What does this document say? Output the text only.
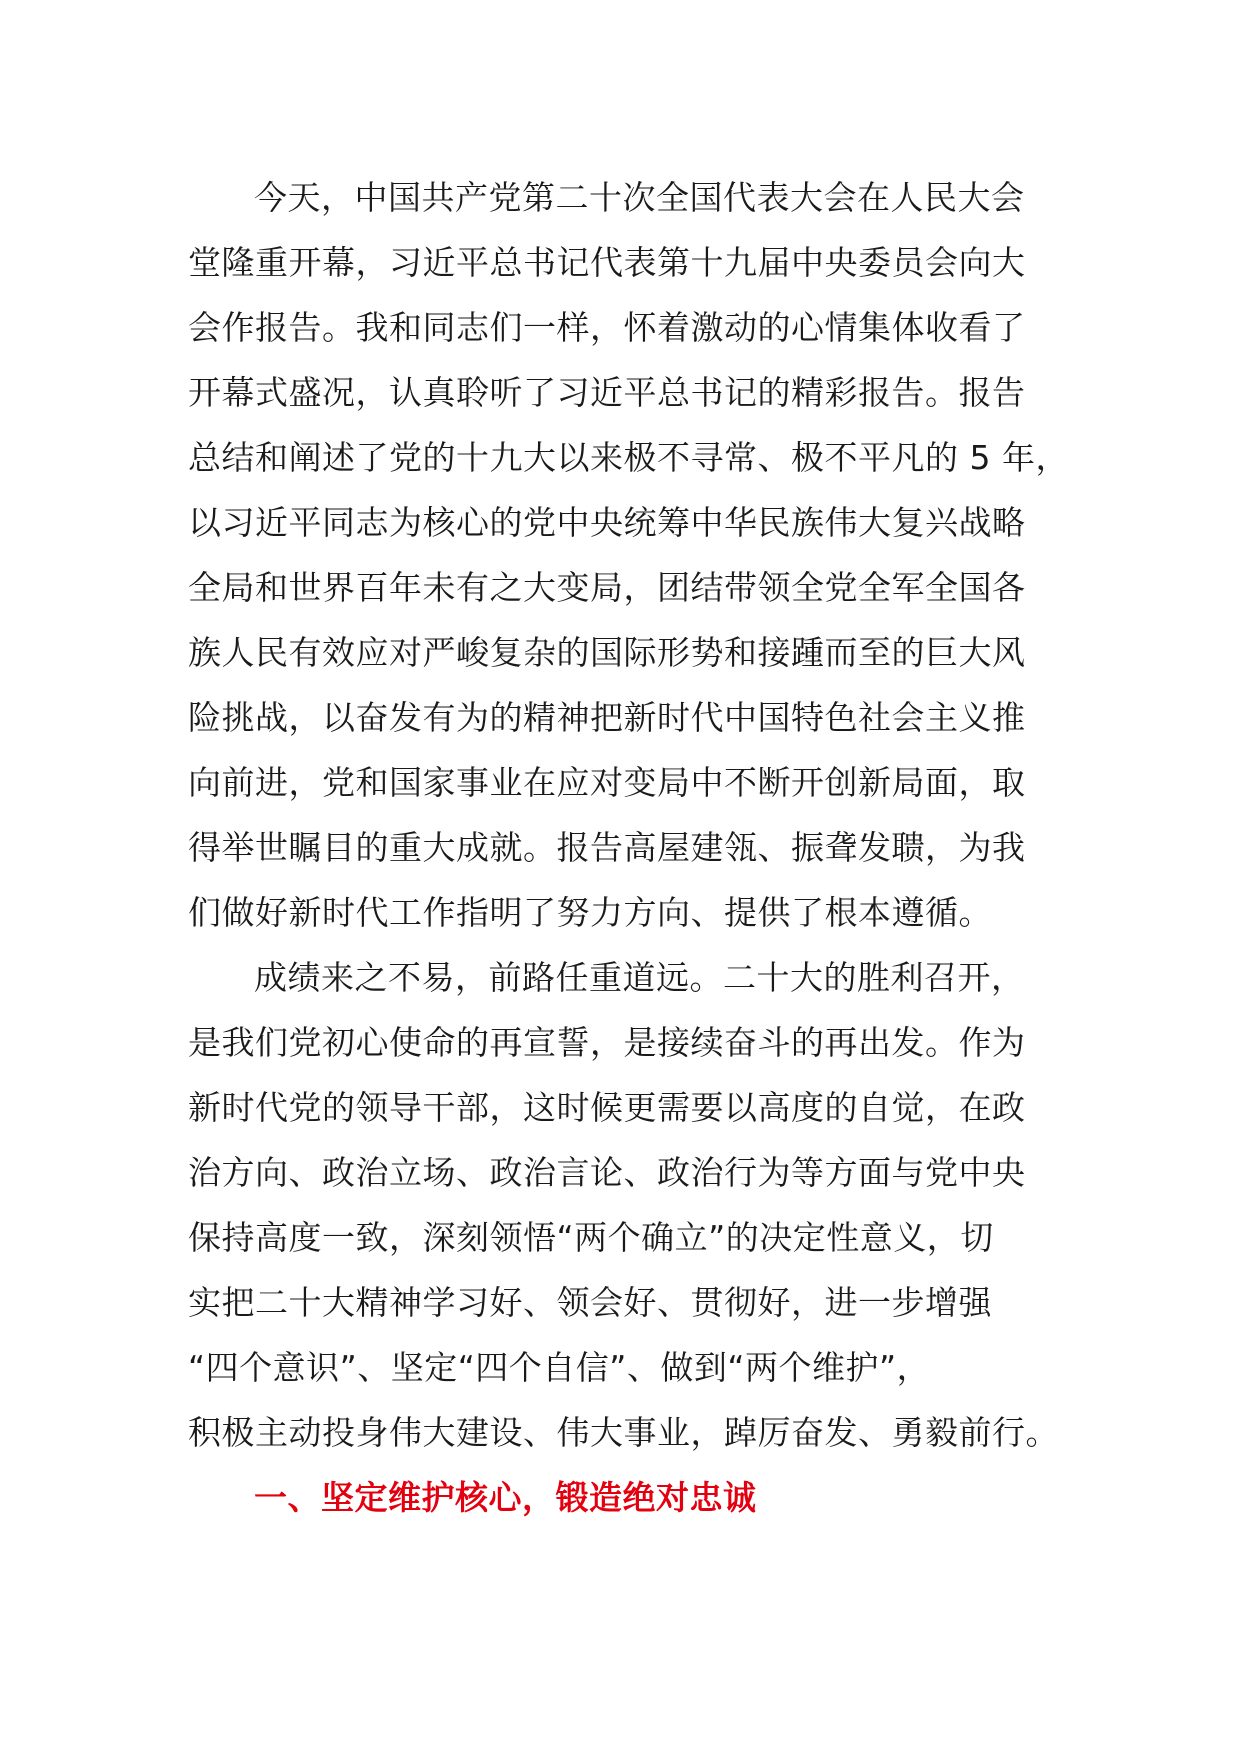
今天，中国共产党第二十次全国代表大会在人民大会
堂隆重开幕，习近平总书记代表第十九届中央委员会向大
会作报告。我和同志们一样，怀着激动的心情集体收看了
开幕式盛况，认真聆听了习近平总书记的精彩报告。报告
总结和阐述了党的十九大以来极不寻常、极不平凡的 5 年，
以习近平同志为核心的党中央统筹中华民族伟大复兴战略
全局和世界百年未有之大变局，团结带领全党全军全国各
族人民有效应对严峻复杂的国际形势和接踵而至的巨大风
险挑战，以奋发有为的精神把新时代中国特色社会主义推
向前进，党和国家事业在应对变局中不断开创新局面，取
得举世瞩目的重大成就。报告高屋建瓴、振聋发聩，为我
们做好新时代工作指明了努力方向、提供了根本遵循。
成绩来之不易，前路任重道远。二十大的胜利召开，
是我们党初心使命的再宣誓，是接续奋斗的再出发。作为
新时代党的领导干部，这时候更需要以高度的自觉，在政
治方向、政治立场、政治言论、政治行为等方面与党中央
保持高度一致，深刻领悟“两个确立”的决定性意义，切
实把二十大精神学习好、领会好、贯彻好，进一步增强
“四个意识”、坚定“四个自信”、做到“两个维护”，
积极主动投身伟大建设、伟大事业，踔厉奋发、勇毅前行。
一、坚定维护核心，锻造绝对忠诚
